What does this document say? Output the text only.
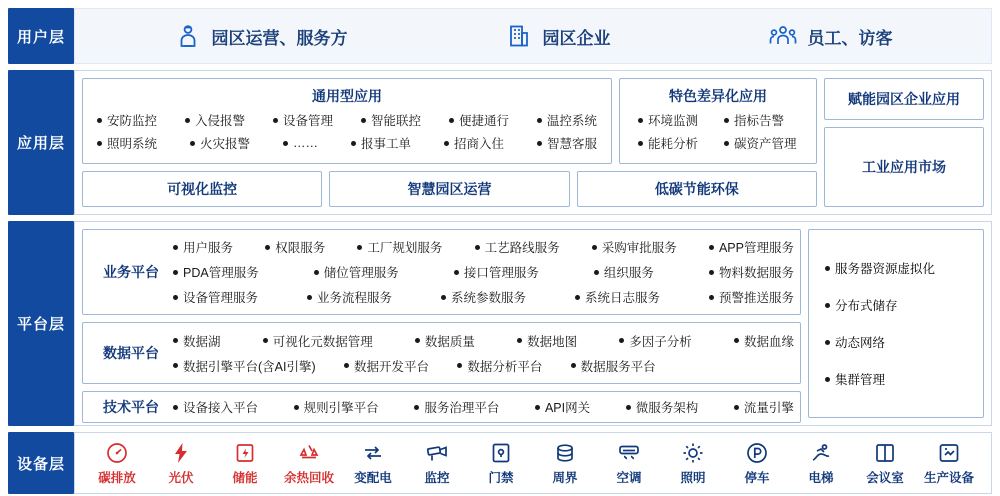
用户层	园区运营、服务方	园区企业	员工、访客
应用层
通用型应用
安防监控	入侵报警	设备管理	智能联控	便捷通行	温控系统
照明系统	火灾报警	……	报事工单	招商入住	智慧客服
特色差异化应用
环境监测	指标告警
能耗分析	碳资产管理
可视化监控	智慧园区运营	低碳节能环保
赋能园区企业应用
工业应用市场
平台层
业务平台
用户服务	权限服务	工厂规划服务	工艺路线服务	采购审批服务	APP管理服务
PDA管理服务	储位管理服务	接口管理服务	组织服务	物料数据服务
设备管理服务	业务流程服务	系统参数服务	系统日志服务	预警推送服务
数据平台
数据湖	可视化元数据管理	数据质量	数据地图	多因子分析	数据血缘
数据引擎平台(含AI引擎)	数据开发平台	数据分析平台	数据服务平台
技术平台	设备接入平台	规则引擎平台	服务治理平台	API网关	微服务架构	流量引擎
服务器资源虚拟化
分布式储存
动态网络
集群管理
设备层
碳排放	光伏	储能 余热回收 变配电	监控	门禁	周界	空调	照明	停车	电梯	会议室 生产设备
